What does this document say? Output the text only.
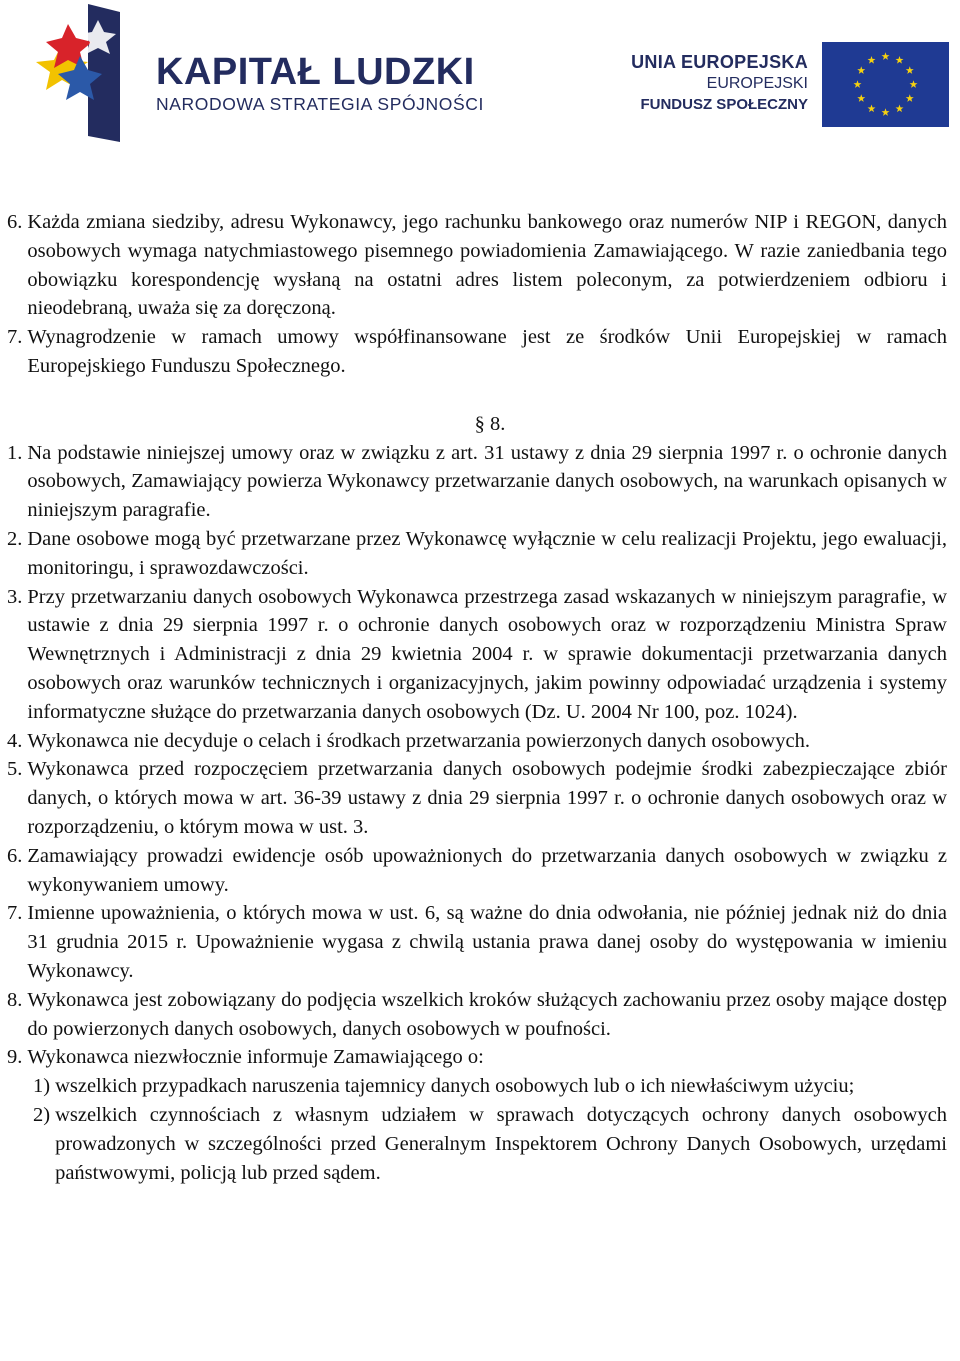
KAPITAŁ LUDZKI
NARODOWA STRATEGIA SPÓJNOŚCI
UNIA EUROPEJSKA
EUROPEJSKI
FUNDUSZ SPOŁECZNY
6. Każda zmiana siedziby, adresu Wykonawcy, jego rachunku bankowego oraz numerów NIP i REGON, danych osobowych wymaga natychmiastowego pisemnego powiadomienia Zamawiającego. W razie zaniedbania tego obowiązku korespondencję wysłaną na ostatni adres listem poleconym, za potwierdzeniem odbioru i nieodebraną, uważa się za doręczoną.
7. Wynagrodzenie w ramach umowy współfinansowane jest ze środków Unii Europejskiej w ramach Europejskiego Funduszu Społecznego.
§ 8.
1. Na podstawie niniejszej umowy oraz w związku z art. 31 ustawy z dnia 29 sierpnia 1997 r. o ochronie danych osobowych, Zamawiający powierza Wykonawcy przetwarzanie danych osobowych, na warunkach opisanych w niniejszym paragrafie.
2. Dane osobowe mogą być przetwarzane przez Wykonawcę wyłącznie w celu realizacji Projektu, jego ewaluacji, monitoringu, i sprawozdawczości.
3. Przy przetwarzaniu danych osobowych Wykonawca przestrzega zasad wskazanych w niniejszym paragrafie, w ustawie z dnia 29 sierpnia 1997 r. o ochronie danych osobowych oraz w rozporządzeniu Ministra Spraw Wewnętrznych i Administracji z dnia 29 kwietnia 2004 r. w sprawie dokumentacji przetwarzania danych osobowych oraz warunków technicznych i organizacyjnych, jakim powinny odpowiadać urządzenia i systemy informatyczne służące do przetwarzania danych osobowych (Dz. U. 2004 Nr 100, poz. 1024).
4. Wykonawca nie decyduje o celach i środkach przetwarzania powierzonych danych osobowych.
5. Wykonawca przed rozpoczęciem przetwarzania danych osobowych podejmie środki zabezpieczające zbiór danych, o których mowa w art. 36-39 ustawy z dnia 29 sierpnia 1997 r. o ochronie danych osobowych oraz w rozporządzeniu, o którym mowa w ust. 3.
6. Zamawiający prowadzi ewidencje osób upoważnionych do przetwarzania danych osobowych w związku z wykonywaniem umowy.
7. Imienne upoważnienia, o których mowa w ust. 6, są ważne do dnia odwołania, nie później jednak niż do dnia 31 grudnia 2015 r. Upoważnienie wygasa z chwilą ustania prawa danej osoby do występowania w imieniu Wykonawcy.
8. Wykonawca jest zobowiązany do podjęcia wszelkich kroków służących zachowaniu przez osoby mające dostęp do powierzonych danych osobowych, danych osobowych w poufności.
9. Wykonawca niezwłocznie informuje Zamawiającego o:
1) wszelkich przypadkach naruszenia tajemnicy danych osobowych lub o ich niewłaściwym użyciu;
2) wszelkich czynnościach z własnym udziałem w sprawach dotyczących ochrony danych osobowych prowadzonych w szczególności przed Generalnym Inspektorem Ochrony Danych Osobowych, urzędami państwowymi, policją lub przed sądem.
